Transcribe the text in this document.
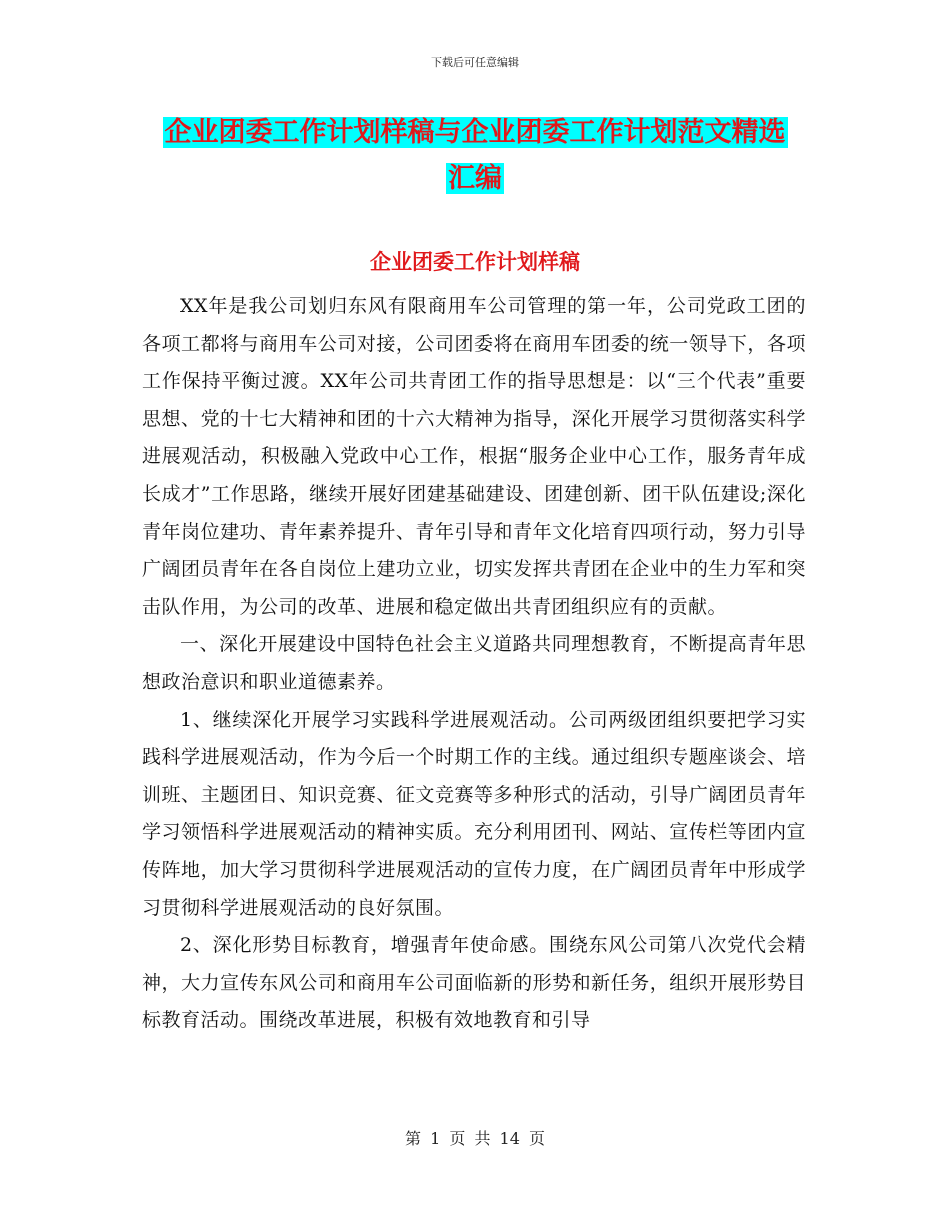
下载后可任意编辑
企业团委工作计划样稿与企业团委工作计划范文精选
汇编
企业团委工作计划样稿

XX年是我公司划归东风有限商用车公司管理的第一年，公司党政工团的各项工都将与商用车公司对接，公司团委将在商用车团委的统一领导下，各项工作保持平衡过渡。XX年公司共青团工作的指导思想是：以“三个代表”重要思想、党的十七大精神和团的十六大精神为指导，深化开展学习贯彻落实科学进展观活动，积极融入党政中心工作，根据“服务企业中心工作，服务青年成长成才”工作思路，继续开展好团建基础建设、团建创新、团干队伍建设;深化青年岗位建功、青年素养提升、青年引导和青年文化培育四项行动，努力引导广阔团员青年在各自岗位上建功立业，切实发挥共青团在企业中的生力军和突击队作用，为公司的改革、进展和稳定做出共青团组织应有的贡献。

一、深化开展建设中国特色社会主义道路共同理想教育，不断提高青年思想政治意识和职业道德素养。

1、继续深化开展学习实践科学进展观活动。公司两级团组织要把学习实践科学进展观活动，作为今后一个时期工作的主线。通过组织专题座谈会、培训班、主题团日、知识竞赛、征文竞赛等多种形式的活动，引导广阔团员青年学习领悟科学进展观活动的精神实质。充分利用团刊、网站、宣传栏等团内宣传阵地，加大学习贯彻科学进展观活动的宣传力度，在广阔团员青年中形成学习贯彻科学进展观活动的良好氛围。

2、深化形势目标教育，增强青年使命感。围绕东风公司第八次党代会精神，大力宣传东风公司和商用车公司面临新的形势和新任务，组织开展形势目标教育活动。围绕改革进展，积极有效地教育和引导

第 1 页 共 14 页
